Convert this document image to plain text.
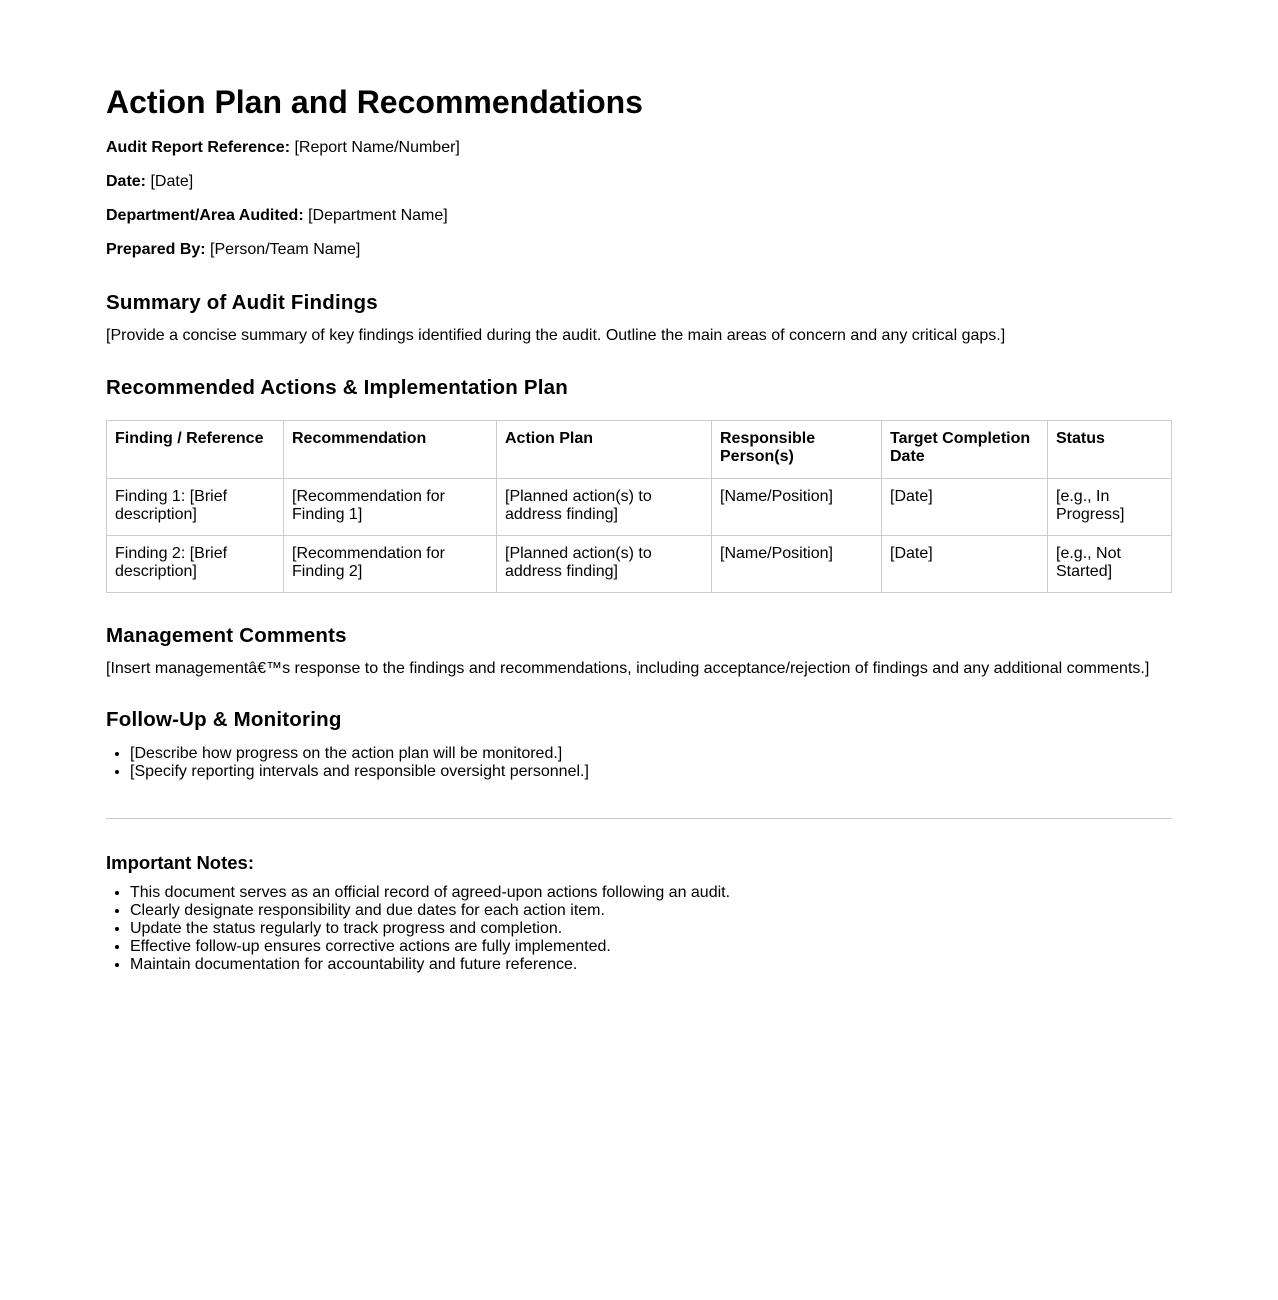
Action Plan and Recommendations

Audit Report Reference: [Report Name/Number]

Date: [Date]

Department/Area Audited: [Department Name]

Prepared By: [Person/Team Name]

Summary of Audit Findings

[Provide a concise summary of key findings identified during the audit. Outline the main areas of concern and any critical gaps.]

Recommended Actions & Implementation Plan
Finding / Reference	Recommendation	Action Plan	Responsible Person(s)	Target Completion Date	Status
Finding 1: [Brief description]	[Recommendation for Finding 1]	[Planned action(s) to address finding]	[Name/Position]	[Date]	[e.g., In Progress]
Finding 2: [Brief description]	[Recommendation for Finding 2]	[Planned action(s) to address finding]	[Name/Position]	[Date]	[e.g., Not Started]
Management Comments

[Insert managementâ€™s response to the findings and recommendations, including acceptance/rejection of findings and any additional comments.]

Follow-Up & Monitoring
• [Describe how progress on the action plan will be monitored.]
• [Specify reporting intervals and responsible oversight personnel.]
Important Notes:
• This document serves as an official record of agreed-upon actions following an audit.
• Clearly designate responsibility and due dates for each action item.
• Update the status regularly to track progress and completion.
• Effective follow-up ensures corrective actions are fully implemented.
• Maintain documentation for accountability and future reference.
